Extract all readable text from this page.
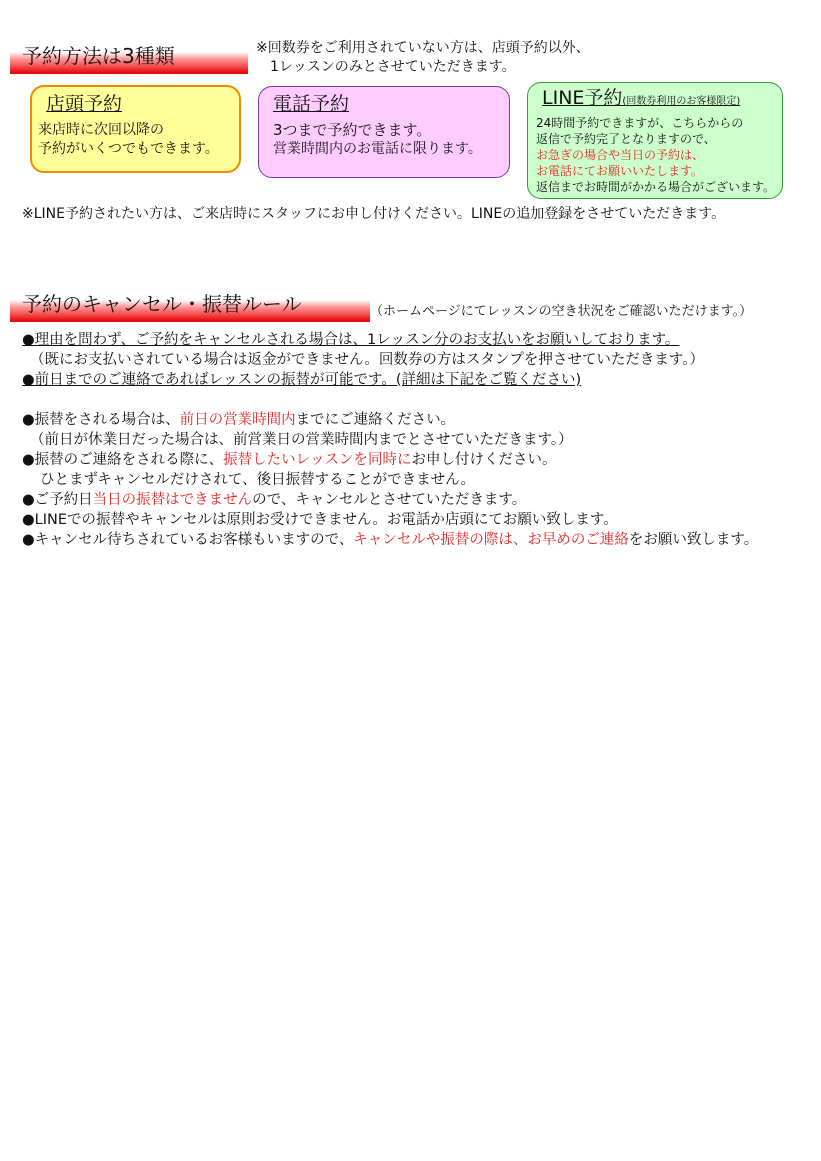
予約方法は3種類	※回数券をご利用されていない方は、店頭予約以外、
1レッスンのみとさせていただきます。
店頭予約
来店時に次回以降の
予約がいくつでもできます。
電話予約
3つまで予約できます。
営業時間内のお電話に限ります。
LINE予約(回数券利用のお客様限定)
24時間予約できますが、こちらからの
返信で予約完了となりますので、
お急ぎの場合や当日の予約は、
お電話にてお願いいたします。
返信までお時間がかかる場合がございます。
※LINE予約されたい方は、ご来店時にスタッフにお申し付けください。LINEの追加登録をさせていただきます。
予約のキャンセル・振替ルール	（ホームページにてレッスンの空き状況をご確認いただけます。）
●理由を問わず、ご予約をキャンセルされる場合は、1レッスン分のお支払いをお願いしております。
（既にお支払いされている場合は返金ができません。回数券の方はスタンプを押させていただきます。）
●前日までのご連絡であればレッスンの振替が可能です。(詳細は下記をご覧ください)
●振替をされる場合は、前日の営業時間内までにご連絡ください。
（前日が休業日だった場合は、前営業日の営業時間内までとさせていただきます。）
●振替のご連絡をされる際に、振替したいレッスンを同時にお申し付けください。
ひとまずキャンセルだけされて、後日振替することができません。
●ご予約日当日の振替はできませんので、キャンセルとさせていただきます。
●LINEでの振替やキャンセルは原則お受けできません。お電話か店頭にてお願い致します。
●キャンセル待ちされているお客様もいますので、キャンセルや振替の際は、お早めのご連絡をお願い致します。
